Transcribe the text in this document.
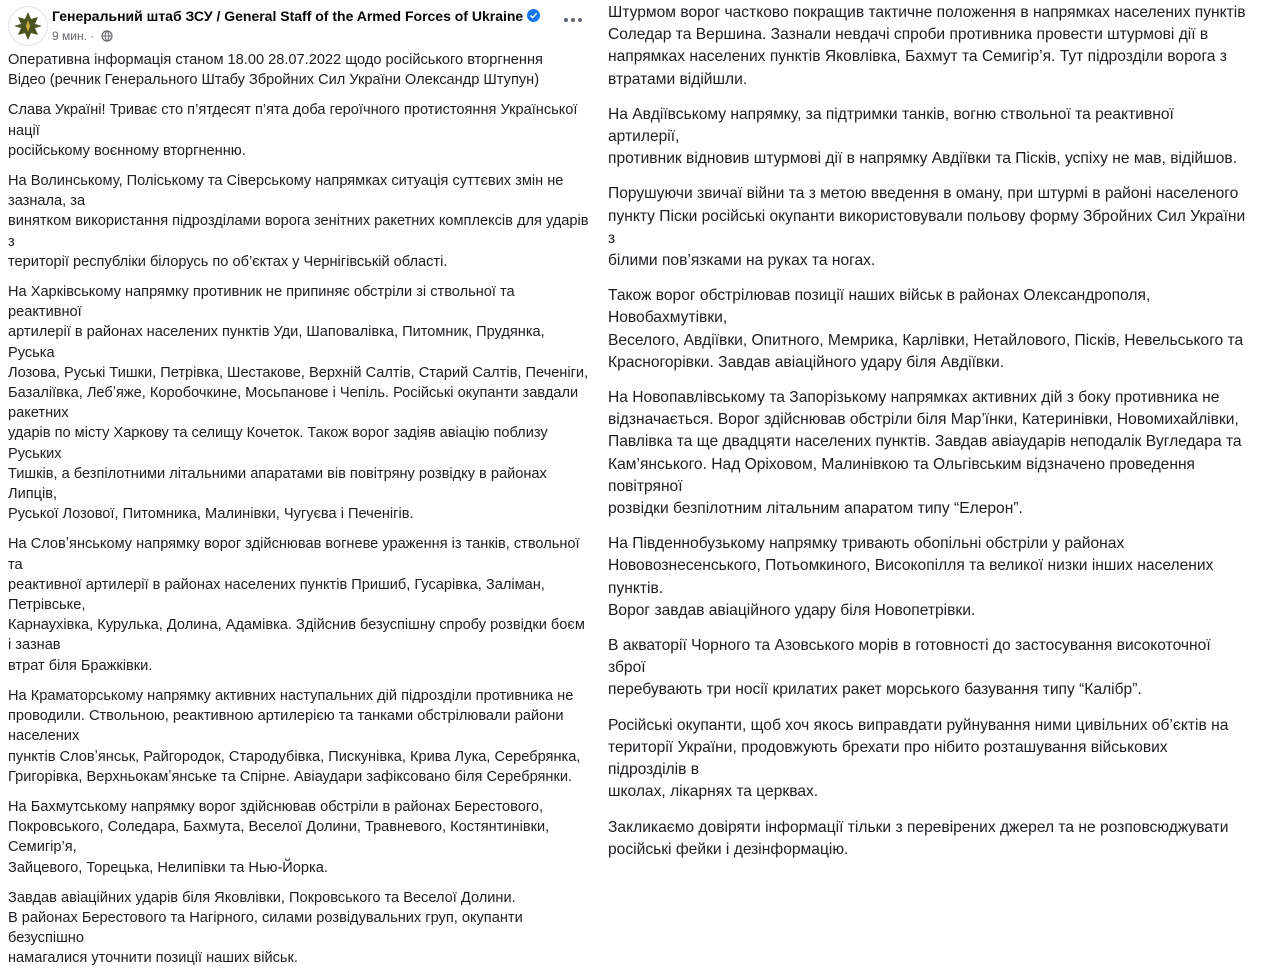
Генеральний штаб ЗСУ / General Staff of the Armed Forces of Ukraine
9 мин. ·

Оперативна інформація станом 18.00 28.07.2022 щодо російського вторгнення
Відео (речник Генерального Штабу Збройних Сил України Олександр Штупун)

Слава Україні! Триває сто п’ятдесят п’ята доба героїчного протистояння Української нації
російському воєнному вторгненню.

На Волинському, Поліському та Сіверському напрямках ситуація суттєвих змін не зазнала, за
винятком використання підрозділами ворога зенітних ракетних комплексів для ударів з
території республіки білорусь по об’єктах у Чернігівській області.

На Харківському напрямку противник не припиняє обстріли зі ствольної та реактивної
артилерії в районах населених пунктів Уди, Шаповалівка, Питомник, Прудянка, Руська
Лозова, Руські Тишки, Петрівка, Шестакове, Верхній Салтів, Старий Салтів, Печеніги,
Базаліївка, Лебʼяже, Коробочкине, Мосьпанове і Чепіль. Російські окупанти завдали ракетних
ударів по місту Харкову та селищу Кочеток. Також ворог задіяв авіацію поблизу Руських
Тишків, а безпілотними літальними апаратами вів повітряну розвідку в районах Липців,
Руської Лозової, Питомника, Малинівки, Чугуєва і Печенігів.

На Словʼянському напрямку ворог здійснював вогневе ураження із танків, ствольної та
реактивної артилерії в районах населених пунктів Пришиб, Гусарівка, Заліман, Петрівське,
Карнаухівка, Курулька, Долина, Адамівка. Здійснив безуспішну спробу розвідки боєм і зазнав
втрат біля Бражківки.

На Краматорському напрямку активних наступальних дій підрозділи противника не
проводили. Ствольною, реактивною артилерією та танками обстрілювали райони населених
пунктів Словʼянськ, Райгородок, Стародубівка, Пискунівка, Крива Лука, Серебрянка,
Григорівка, Верхньокамʼянське та Спірне. Авіаудари зафіксовано біля Серебрянки.

На Бахмутському напрямку ворог здійснював обстріли в районах Берестового,
Покровського, Соледара, Бахмута, Веселої Долини, Травневого, Костянтинівки, Семигір’я,
Зайцевого, Торецька, Нелипівки та Нью-Йорка.

Завдав авіаційних ударів біля Яковлівки, Покровського та Веселої Долини.
В районах Берестового та Нагірного, силами розвідувальних груп, окупанти безуспішно
намагалися уточнити позиції наших військ.

Штурмом ворог частково покращив тактичне положення в напрямках населених пунктів
Соледар та Вершина. Зазнали невдачі спроби противника провести штурмові дії в
напрямках населених пунктів Яковлівка, Бахмут та Семигір’я. Тут підрозділи ворога з
втратами відійшли.

На Авдіївському напрямку, за підтримки танків, вогню ствольної та реактивної артилерії,
противник відновив штурмові дії в напрямку Авдіївки та Пісків, успіху не мав, відійшов.

Порушуючи звичаї війни та з метою введення в оману, при штурмі в районі населеного
пункту Піски російські окупанти використовували польову форму Збройних Сил України з
білими пов’язками на руках та ногах.

Також ворог обстрілював позиції наших військ в районах Олександрополя, Новобахмутівки,
Веселого, Авдіївки, Опитного, Мемрика, Карлівки, Нетайлового, Пісків, Невельського та
Красногорівки. Завдав авіаційного удару біля Авдіївки.

На Новопавлівському та Запорізькому напрямках активних дій з боку противника не
відзначається. Ворог здійснював обстріли біля Мар’їнки, Катеринівки, Новомихайлівки,
Павлівка та ще двадцяти населених пунктів. Завдав авіаударів неподалік Вугледара та
Кам’янського. Над Оріховом, Малинівкою та Ольгівським відзначено проведення повітряної
розвідки безпілотним літальним апаратом типу “Елерон”.

На Південнобузькому напрямку тривають обопільні обстріли у районах
Нововознесенського, Потьомкиного, Високопілля та великої низки інших населених пунктів.
Ворог завдав авіаційного удару біля Новопетрівки.

В акваторії Чорного та Азовського морів в готовності до застосування високоточної зброї
перебувають три носії крилатих ракет морського базування типу “Калібр”.

Російські окупанти, щоб хоч якось виправдати руйнування ними цивільних об’єктів на
території України, продовжують брехати про нібито розташування військових підрозділів в
школах, лікарнях та церквах.

Закликаємо довіряти інформації тільки з перевірених джерел та не розповсюджувати
російські фейки і дезінформацію.
